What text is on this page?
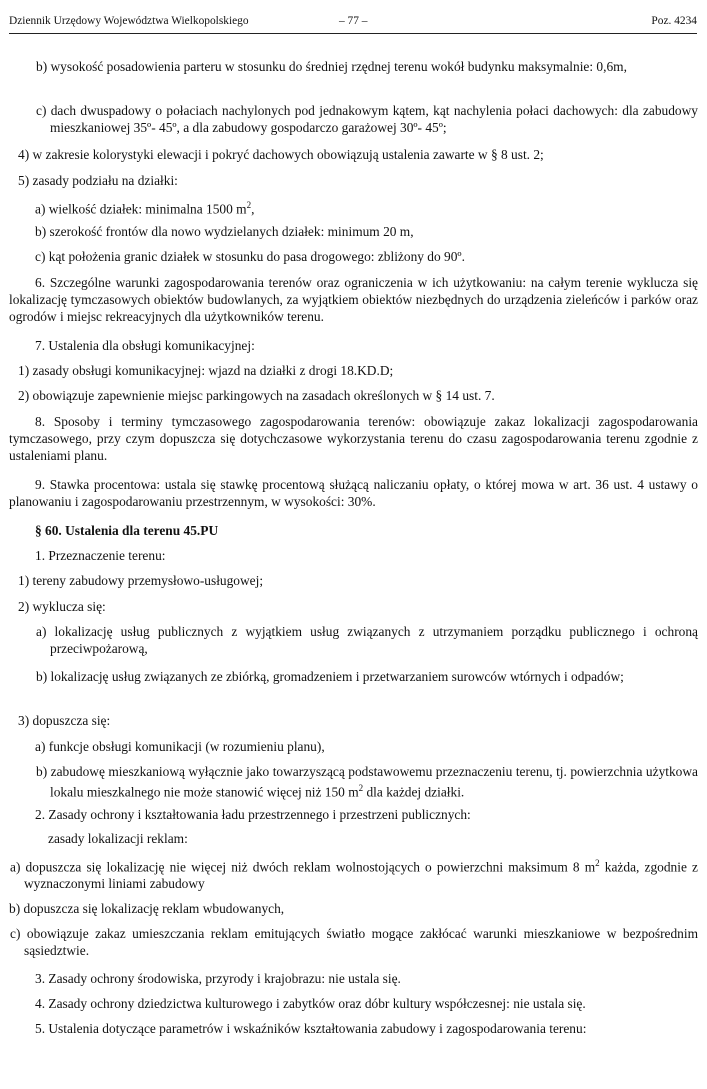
Dziennik Urzędowy Województwa Wielkopolskiego	– 77 –	Poz. 4234

b) wysokość posadowienia parteru w stosunku do średniej rzędnej terenu wokół budynku maksymalnie: 0,6m,

c) dach dwuspadowy o połaciach nachylonych pod jednakowym kątem, kąt nachylenia połaci dachowych: dla zabudowy mieszkaniowej 35º- 45º, a dla zabudowy gospodarczo garażowej 30º- 45º;

4) w zakresie kolorystyki elewacji i pokryć dachowych obowiązują ustalenia zawarte w § 8 ust. 2;

5) zasady podziału na działki:

a) wielkość działek: minimalna 1500 $m^2$,

b) szerokość frontów dla nowo wydzielanych działek: minimum 20 m,

c) kąt położenia granic działek w stosunku do pasa drogowego: zbliżony do 90º.

6. Szczególne warunki zagospodarowania terenów oraz ograniczenia w ich użytkowaniu: na całym terenie wyklucza się lokalizację tymczasowych obiektów budowlanych, za wyjątkiem obiektów niezbędnych do urządzenia zieleńców i parków oraz ogrodów i miejsc rekreacyjnych dla użytkowników terenu.

7. Ustalenia dla obsługi komunikacyjnej:

1) zasady obsługi komunikacyjnej: wjazd na działki z drogi 18.KD.D;

2) obowiązuje zapewnienie miejsc parkingowych na zasadach określonych w § 14 ust. 7.

8. Sposoby i terminy tymczasowego zagospodarowania terenów: obowiązuje zakaz lokalizacji zagospodarowania tymczasowego, przy czym dopuszcza się dotychczasowe wykorzystania terenu do czasu zagospodarowania terenu zgodnie z ustaleniami planu.

9. Stawka procentowa: ustala się stawkę procentową służącą naliczaniu opłaty, o której mowa w art. 36 ust. 4 ustawy o planowaniu i zagospodarowaniu przestrzennym, w wysokości: 30%.

§ 60. Ustalenia dla terenu 45.PU

1. Przeznaczenie terenu:

1) tereny zabudowy przemysłowo-usługowej;

2) wyklucza się:

a) lokalizację usług publicznych z wyjątkiem usług związanych z utrzymaniem porządku publicznego i ochroną przeciwpożarową,

b) lokalizację usług związanych ze zbiórką, gromadzeniem i przetwarzaniem surowców wtórnych i odpadów;

3) dopuszcza się:

a) funkcje obsługi komunikacji (w rozumieniu planu),

b) zabudowę mieszkaniową wyłącznie jako towarzyszącą podstawowemu przeznaczeniu terenu, tj. powierzchnia użytkowa lokalu mieszkalnego nie może stanowić więcej niż 150 $m^2$ dla każdej działki.

2. Zasady ochrony i kształtowania ładu przestrzennego i przestrzeni publicznych:

zasady lokalizacji reklam:

a) dopuszcza się lokalizację nie więcej niż dwóch reklam wolnostojących o powierzchni maksimum 8 $m^2$ każda, zgodnie z wyznaczonymi liniami zabudowy

b) dopuszcza się lokalizację reklam wbudowanych,

c) obowiązuje zakaz umieszczania reklam emitujących światło mogące zakłócać warunki mieszkaniowe w bezpośrednim sąsiedztwie.

3. Zasady ochrony środowiska, przyrody i krajobrazu: nie ustala się.

4. Zasady ochrony dziedzictwa kulturowego i zabytków oraz dóbr kultury współczesnej: nie ustala się.

5. Ustalenia dotyczące parametrów i wskaźników kształtowania zabudowy i zagospodarowania terenu:
